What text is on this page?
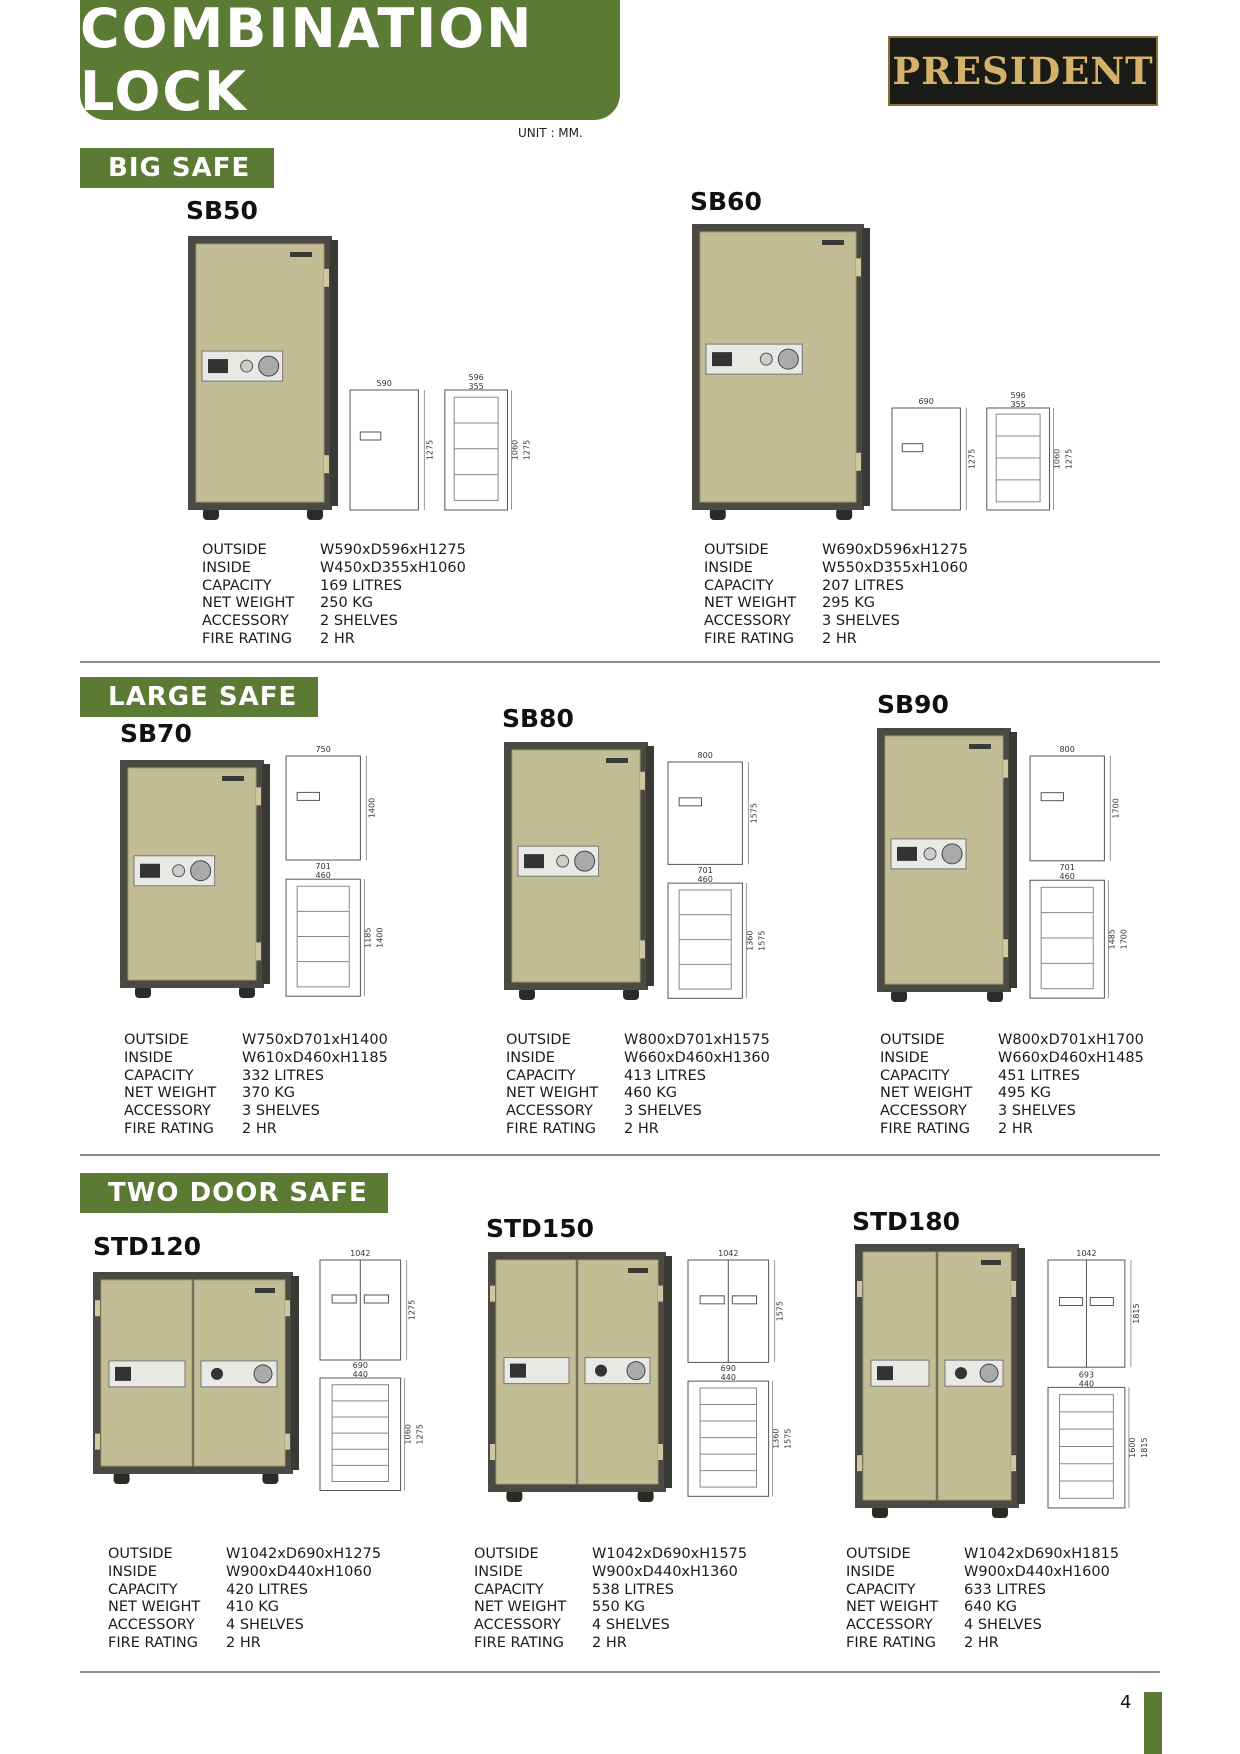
COMBINATION LOCK	PRESIDENT
UNIT : MM.
BIG SAFE
LARGE SAFE
TWO DOOR SAFE
SB50
590
1275
596
355
1060 1275
OUTSIDE	W590xD596xH1275
INSIDE	W450xD355xH1060
CAPACITY	169 LITRES
NET WEIGHT	250 KG
ACCESSORY	2 SHELVES
FIRE RATING	2 HR
SB60
690
1275
596
355
1060 1275
OUTSIDE	W690xD596xH1275
INSIDE	W550xD355xH1060
CAPACITY	207 LITRES
NET WEIGHT	295 KG
ACCESSORY	3 SHELVES
FIRE RATING	2 HR
SB70
750
1400
701
460
1185 1400
OUTSIDE	W750xD701xH1400
INSIDE	W610xD460xH1185
CAPACITY	332 LITRES
NET WEIGHT	370 KG
ACCESSORY	3 SHELVES
FIRE RATING	2 HR
SB80
800
1575
701
460
1360 1575
OUTSIDE	W800xD701xH1575
INSIDE	W660xD460xH1360
CAPACITY	413 LITRES
NET WEIGHT	460 KG
ACCESSORY	3 SHELVES
FIRE RATING	2 HR
SB90
800
1700
701
460
1485 1700
OUTSIDE	W800xD701xH1700
INSIDE	W660xD460xH1485
CAPACITY	451 LITRES
NET WEIGHT	495 KG
ACCESSORY	3 SHELVES
FIRE RATING	2 HR
STD120	1042
1275
690
440
1060 1275
OUTSIDE	W1042xD690xH1275
INSIDE	W900xD440xH1060
CAPACITY	420 LITRES
NET WEIGHT	410 KG
ACCESSORY	4 SHELVES
FIRE RATING	2 HR
STD150
1042
1575
690
440
1360 1575
OUTSIDE	W1042xD690xH1575
INSIDE	W900xD440xH1360
CAPACITY	538 LITRES
NET WEIGHT	550 KG
ACCESSORY	4 SHELVES
FIRE RATING	2 HR
STD180
1042
1815
693
440
1600 1815
OUTSIDE	W1042xD690xH1815
INSIDE	W900xD440xH1600
CAPACITY	633 LITRES
NET WEIGHT	640 KG
ACCESSORY	4 SHELVES
FIRE RATING	2 HR
4
